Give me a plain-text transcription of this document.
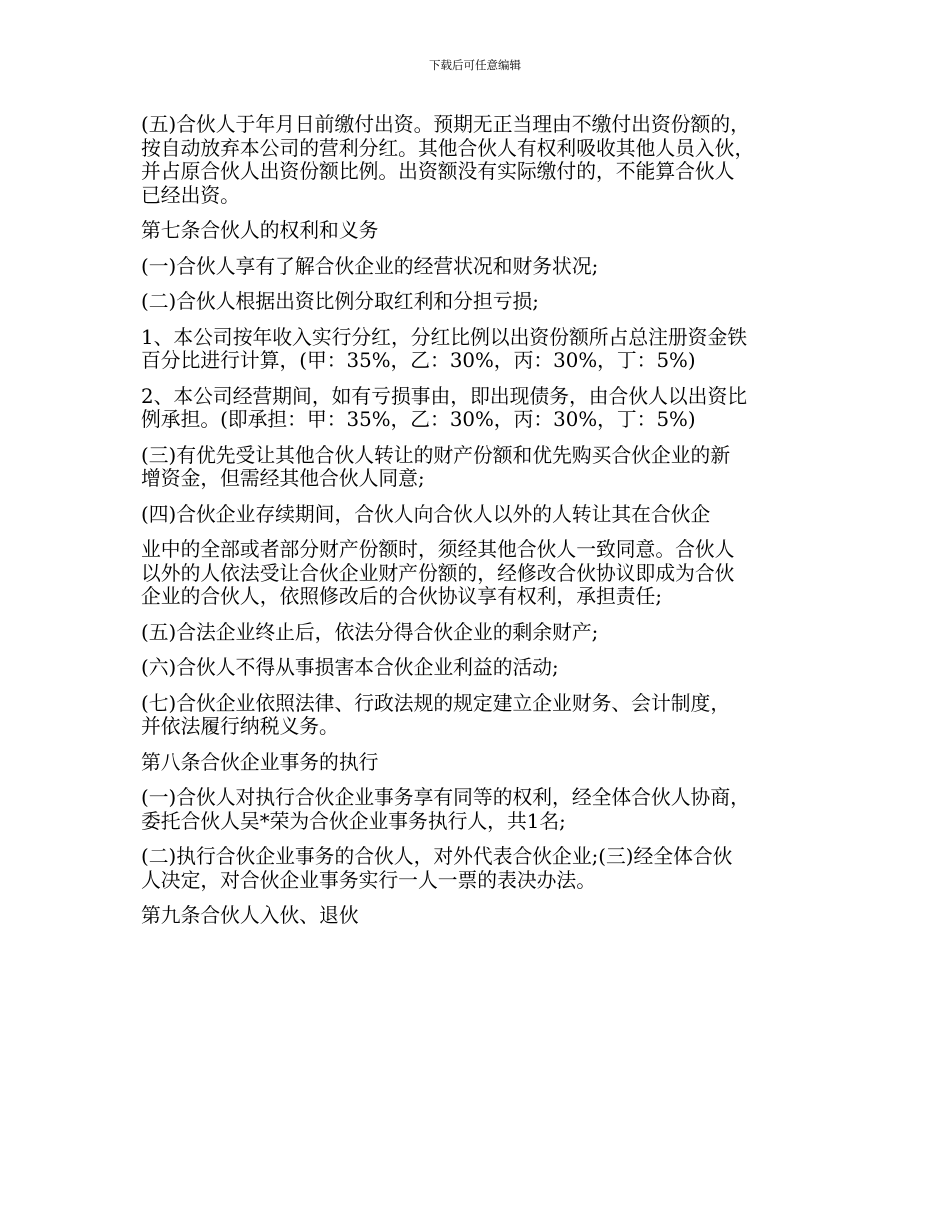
下载后可任意编辑

(五)合伙人于年月日前缴付出资。预期无正当理由不缴付出资份额的，
按自动放弃本公司的营利分红。其他合伙人有权利吸收其他人员入伙，
并占原合伙人出资份额比例。出资额没有实际缴付的，不能算合伙人
已经出资。

第七条合伙人的权利和义务

(一)合伙人享有了解合伙企业的经营状况和财务状况;

(二)合伙人根据出资比例分取红利和分担亏损;

1、本公司按年收入实行分红，分红比例以出资份额所占总注册资金铁
百分比进行计算，(甲：35%，乙：30%，丙：30%，丁：5%)

2、本公司经营期间，如有亏损事由，即出现债务，由合伙人以出资比
例承担。(即承担：甲：35%，乙：30%，丙：30%，丁：5%)

(三)有优先受让其他合伙人转让的财产份额和优先购买合伙企业的新
增资金，但需经其他合伙人同意;

(四)合伙企业存续期间，合伙人向合伙人以外的人转让其在合伙企

业中的全部或者部分财产份额时，须经其他合伙人一致同意。合伙人
以外的人依法受让合伙企业财产份额的，经修改合伙协议即成为合伙
企业的合伙人，依照修改后的合伙协议享有权利，承担责任;

(五)合法企业终止后，依法分得合伙企业的剩余财产;

(六)合伙人不得从事损害本合伙企业利益的活动;

(七)合伙企业依照法律、行政法规的规定建立企业财务、会计制度，
并依法履行纳税义务。

第八条合伙企业事务的执行

(一)合伙人对执行合伙企业事务享有同等的权利，经全体合伙人协商，
委托合伙人吴*荣为合伙企业事务执行人，共1名;

(二)执行合伙企业事务的合伙人，对外代表合伙企业;(三)经全体合伙
人决定，对合伙企业事务实行一人一票的表决办法。

第九条合伙人入伙、退伙
